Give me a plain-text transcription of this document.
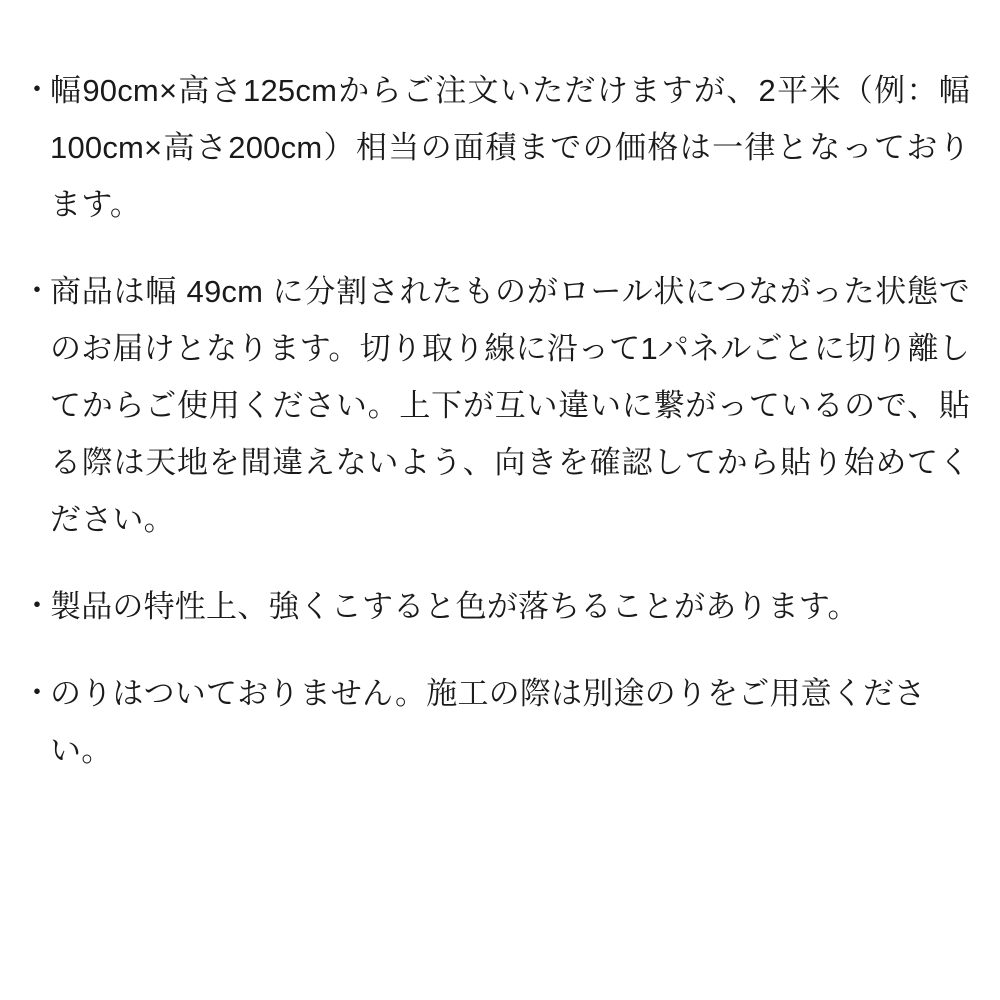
・
幅90cm×高さ125cmからご注文いただけますが、2平米（例：幅100cm×高さ200cm）相当の面積までの価格は一律となっております。
・
商品は幅 49cm に分割されたものがロール状につながった状態でのお届けとなります。切り取り線に沿って1パネルごとに切り離してからご使用ください。上下が互い違いに繋がっているので、貼る際は天地を間違えないよう、向きを確認してから貼り始めてください。
・
製品の特性上、強くこすると色が落ちることがあります。
・
のりはついておりません。施工の際は別途のりをご用意ください。
